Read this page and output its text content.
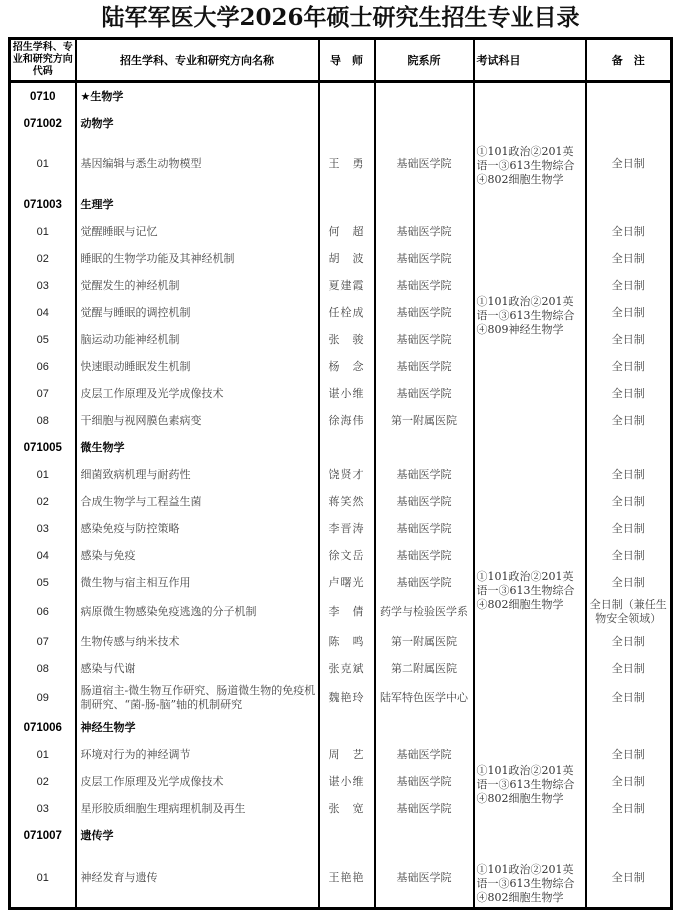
陆军军医大学2026年硕士研究生招生专业目录
招生学科、专业和研究方向代码	招生学科、专业和研究方向名称	导　师	院系所	考试科目	备　注
0710	★生物学				
071002	动物学			①101政治②201英语一③613生物综合④802细胞生物学	
01	基因编辑与悉生动物模型	王　勇	基础医学院		全日制
071003	生理学			①101政治②201英语一③613生物综合④809神经生物学	
01	觉醒睡眠与记忆	何　超	基础医学院		全日制
02	睡眠的生物学功能及其神经机制	胡　波	基础医学院		全日制
03	觉醒发生的神经机制	夏建霞	基础医学院		全日制
04	觉醒与睡眠的调控机制	任栓成	基础医学院		全日制
05	脑运动功能神经机制	张　骏	基础医学院		全日制
06	快速眼动睡眠发生机制	杨　念	基础医学院		全日制
07	皮层工作原理及光学成像技术	谌小维	基础医学院		全日制
08	干细胞与视网膜色素病变	徐海伟	第一附属医院		全日制
071005	微生物学			①101政治②201英语一③613生物综合④802细胞生物学	
01	细菌致病机理与耐药性	饶贤才	基础医学院		全日制
02	合成生物学与工程益生菌	蒋笑然	基础医学院		全日制
03	感染免疫与防控策略	李晋涛	基础医学院		全日制
04	感染与免疫	徐文岳	基础医学院		全日制
05	微生物与宿主相互作用	卢曙光	基础医学院		全日制
06	病原微生物感染免疫逃逸的分子机制	李　倩	药学与检验医学系		全日制（兼任生物安全领域）
07	生物传感与纳米技术	陈　鸣	第一附属医院		全日制
08	感染与代谢	张克斌	第二附属医院		全日制
09	肠道宿主-微生物互作研究、肠道微生物的免疫机制研究、“菌-肠-脑”轴的机制研究	魏艳玲	陆军特色医学中心		全日制
071006	神经生物学			①101政治②201英语一③613生物综合④802细胞生物学	
01	环境对行为的神经调节	周　艺	基础医学院		全日制
02	皮层工作原理及光学成像技术	谌小维	基础医学院		全日制
03	星形胶质细胞生理病理机制及再生	张　宽	基础医学院		全日制
071007	遗传学			①101政治②201英语一③613生物综合④802细胞生物学	
01	神经发育与遗传	王艳艳	基础医学院		全日制
